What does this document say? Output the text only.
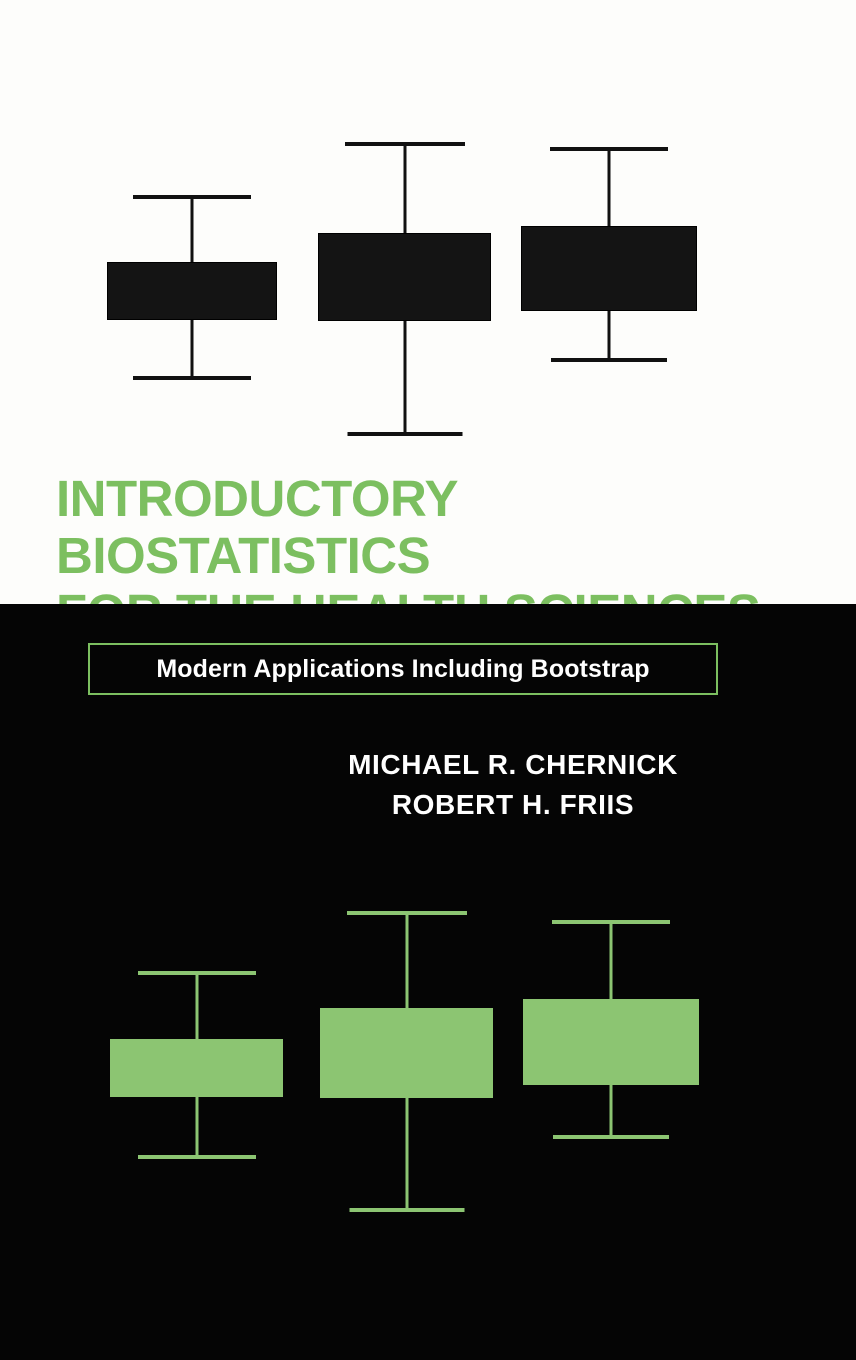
INTRODUCTORY BIOSTATISTICS
Modern Applications Including Bootstrap
MICHAEL R. CHERNICK
ROBERT H. FRIIS
